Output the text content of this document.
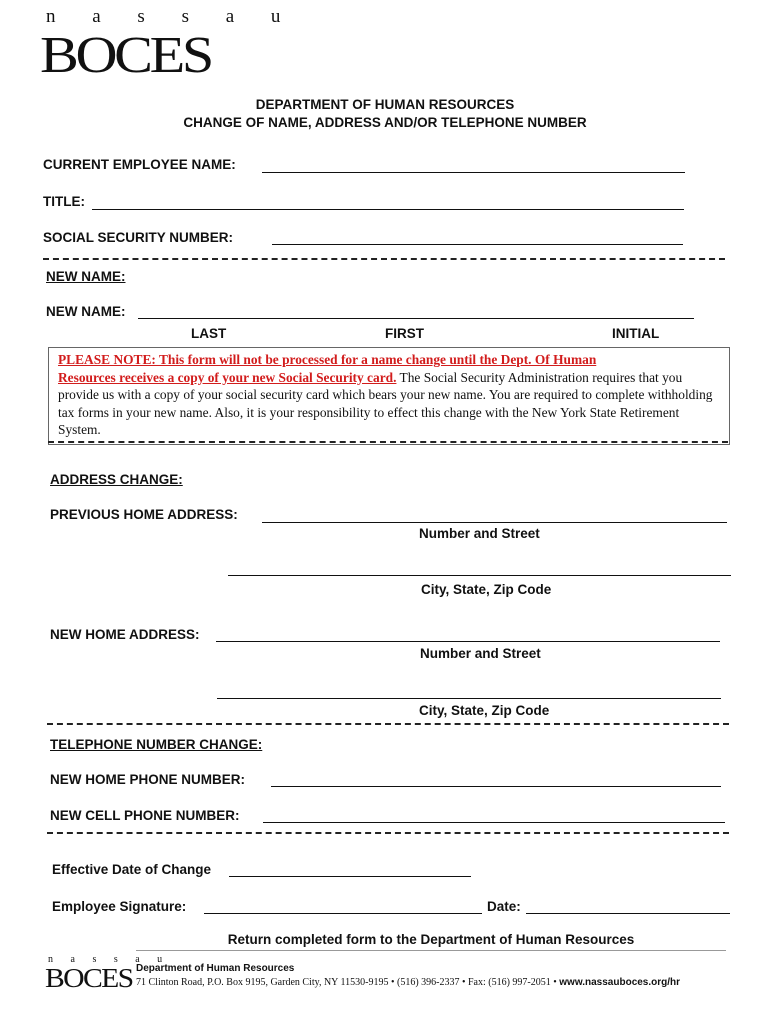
n a s s a u
BOCES
DEPARTMENT OF HUMAN RESOURCES
CHANGE OF NAME, ADDRESS AND/OR TELEPHONE NUMBER
CURRENT EMPLOYEE NAME:
TITLE:
SOCIAL SECURITY NUMBER:
NEW NAME:
NEW NAME:
LAST	FIRST	INITIAL
PLEASE NOTE: This form will not be processed for a name change until the Dept. Of Human
Resources receives a copy of your new Social Security card. The Social Security Administration requires that you provide us with a copy of your social security card which bears your new name. You are required to complete withholding tax forms in your new name. Also, it is your responsibility to effect this change with the New York State Retirement System.
ADDRESS CHANGE:
PREVIOUS HOME ADDRESS:
Number and Street
City, State, Zip Code
NEW HOME ADDRESS:
Number and Street
City, State, Zip Code
TELEPHONE NUMBER CHANGE:
NEW HOME PHONE NUMBER:
NEW CELL PHONE NUMBER:
Effective Date of Change
Employee Signature:	Date:
Return completed form to the Department of Human Resources
n a s s a u
BOCES Department of Human Resources
71 Clinton Road, P.O. Box 9195, Garden City, NY 11530-9195 • (516) 396-2337 • Fax: (516) 997-2051 • www.nassauboces.org/hr
